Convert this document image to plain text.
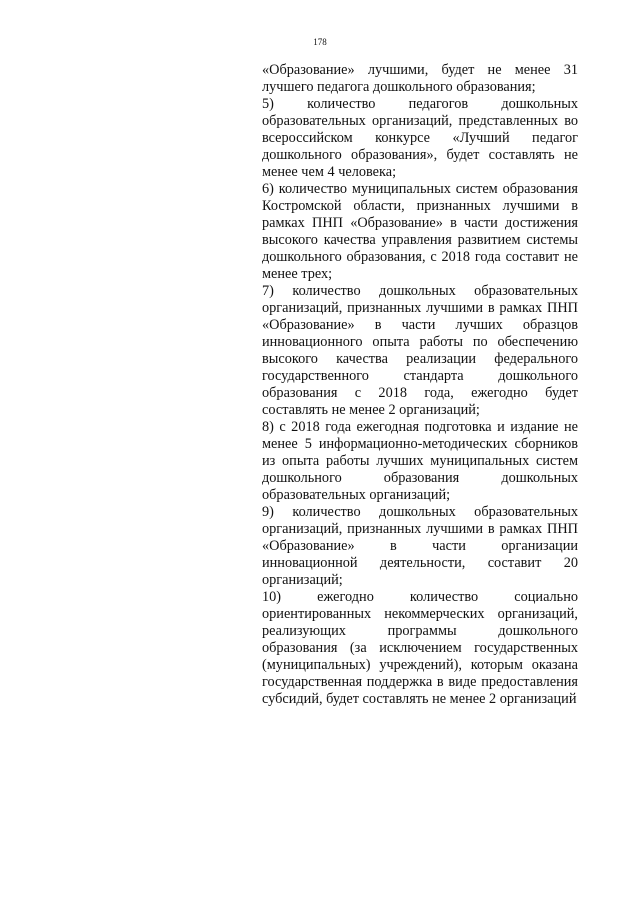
178

«Образование» лучшими, будет не менее 31 лучшего педагога дошкольного образования;

5) количество педагогов дошкольных образовательных организаций, представленных во всероссийском конкурсе «Лучший педагог дошкольного образования», будет составлять не менее чем 4 человека;

6) количество муниципальных систем образования Костромской области, признанных лучшими в рамках ПНП «Образование» в части достижения высокого качества управления развитием системы дошкольного образования, с 2018 года составит не менее трех;

7) количество дошкольных образовательных организаций, признанных лучшими в рамках ПНП «Образование» в части лучших образцов инновационного опыта работы по обеспечению высокого качества реализации федерального государственного стандарта дошкольного образования с 2018 года, ежегодно будет составлять не менее 2 организаций;

8) с 2018 года ежегодная подготовка и издание не менее 5 информационно-методических сборников из опыта работы лучших муниципальных систем дошкольного образования дошкольных образовательных организаций;

9) количество дошкольных образовательных организаций, признанных лучшими в рамках ПНП «Образование» в части организации инновационной деятельности, составит 20 организаций;

10) ежегодно количество социально ориентированных некоммерческих организаций, реализующих программы дошкольного образования (за исключением государственных (муниципальных) учреждений), которым оказана государственная поддержка в виде предоставления субсидий, будет составлять не менее 2 организаций
